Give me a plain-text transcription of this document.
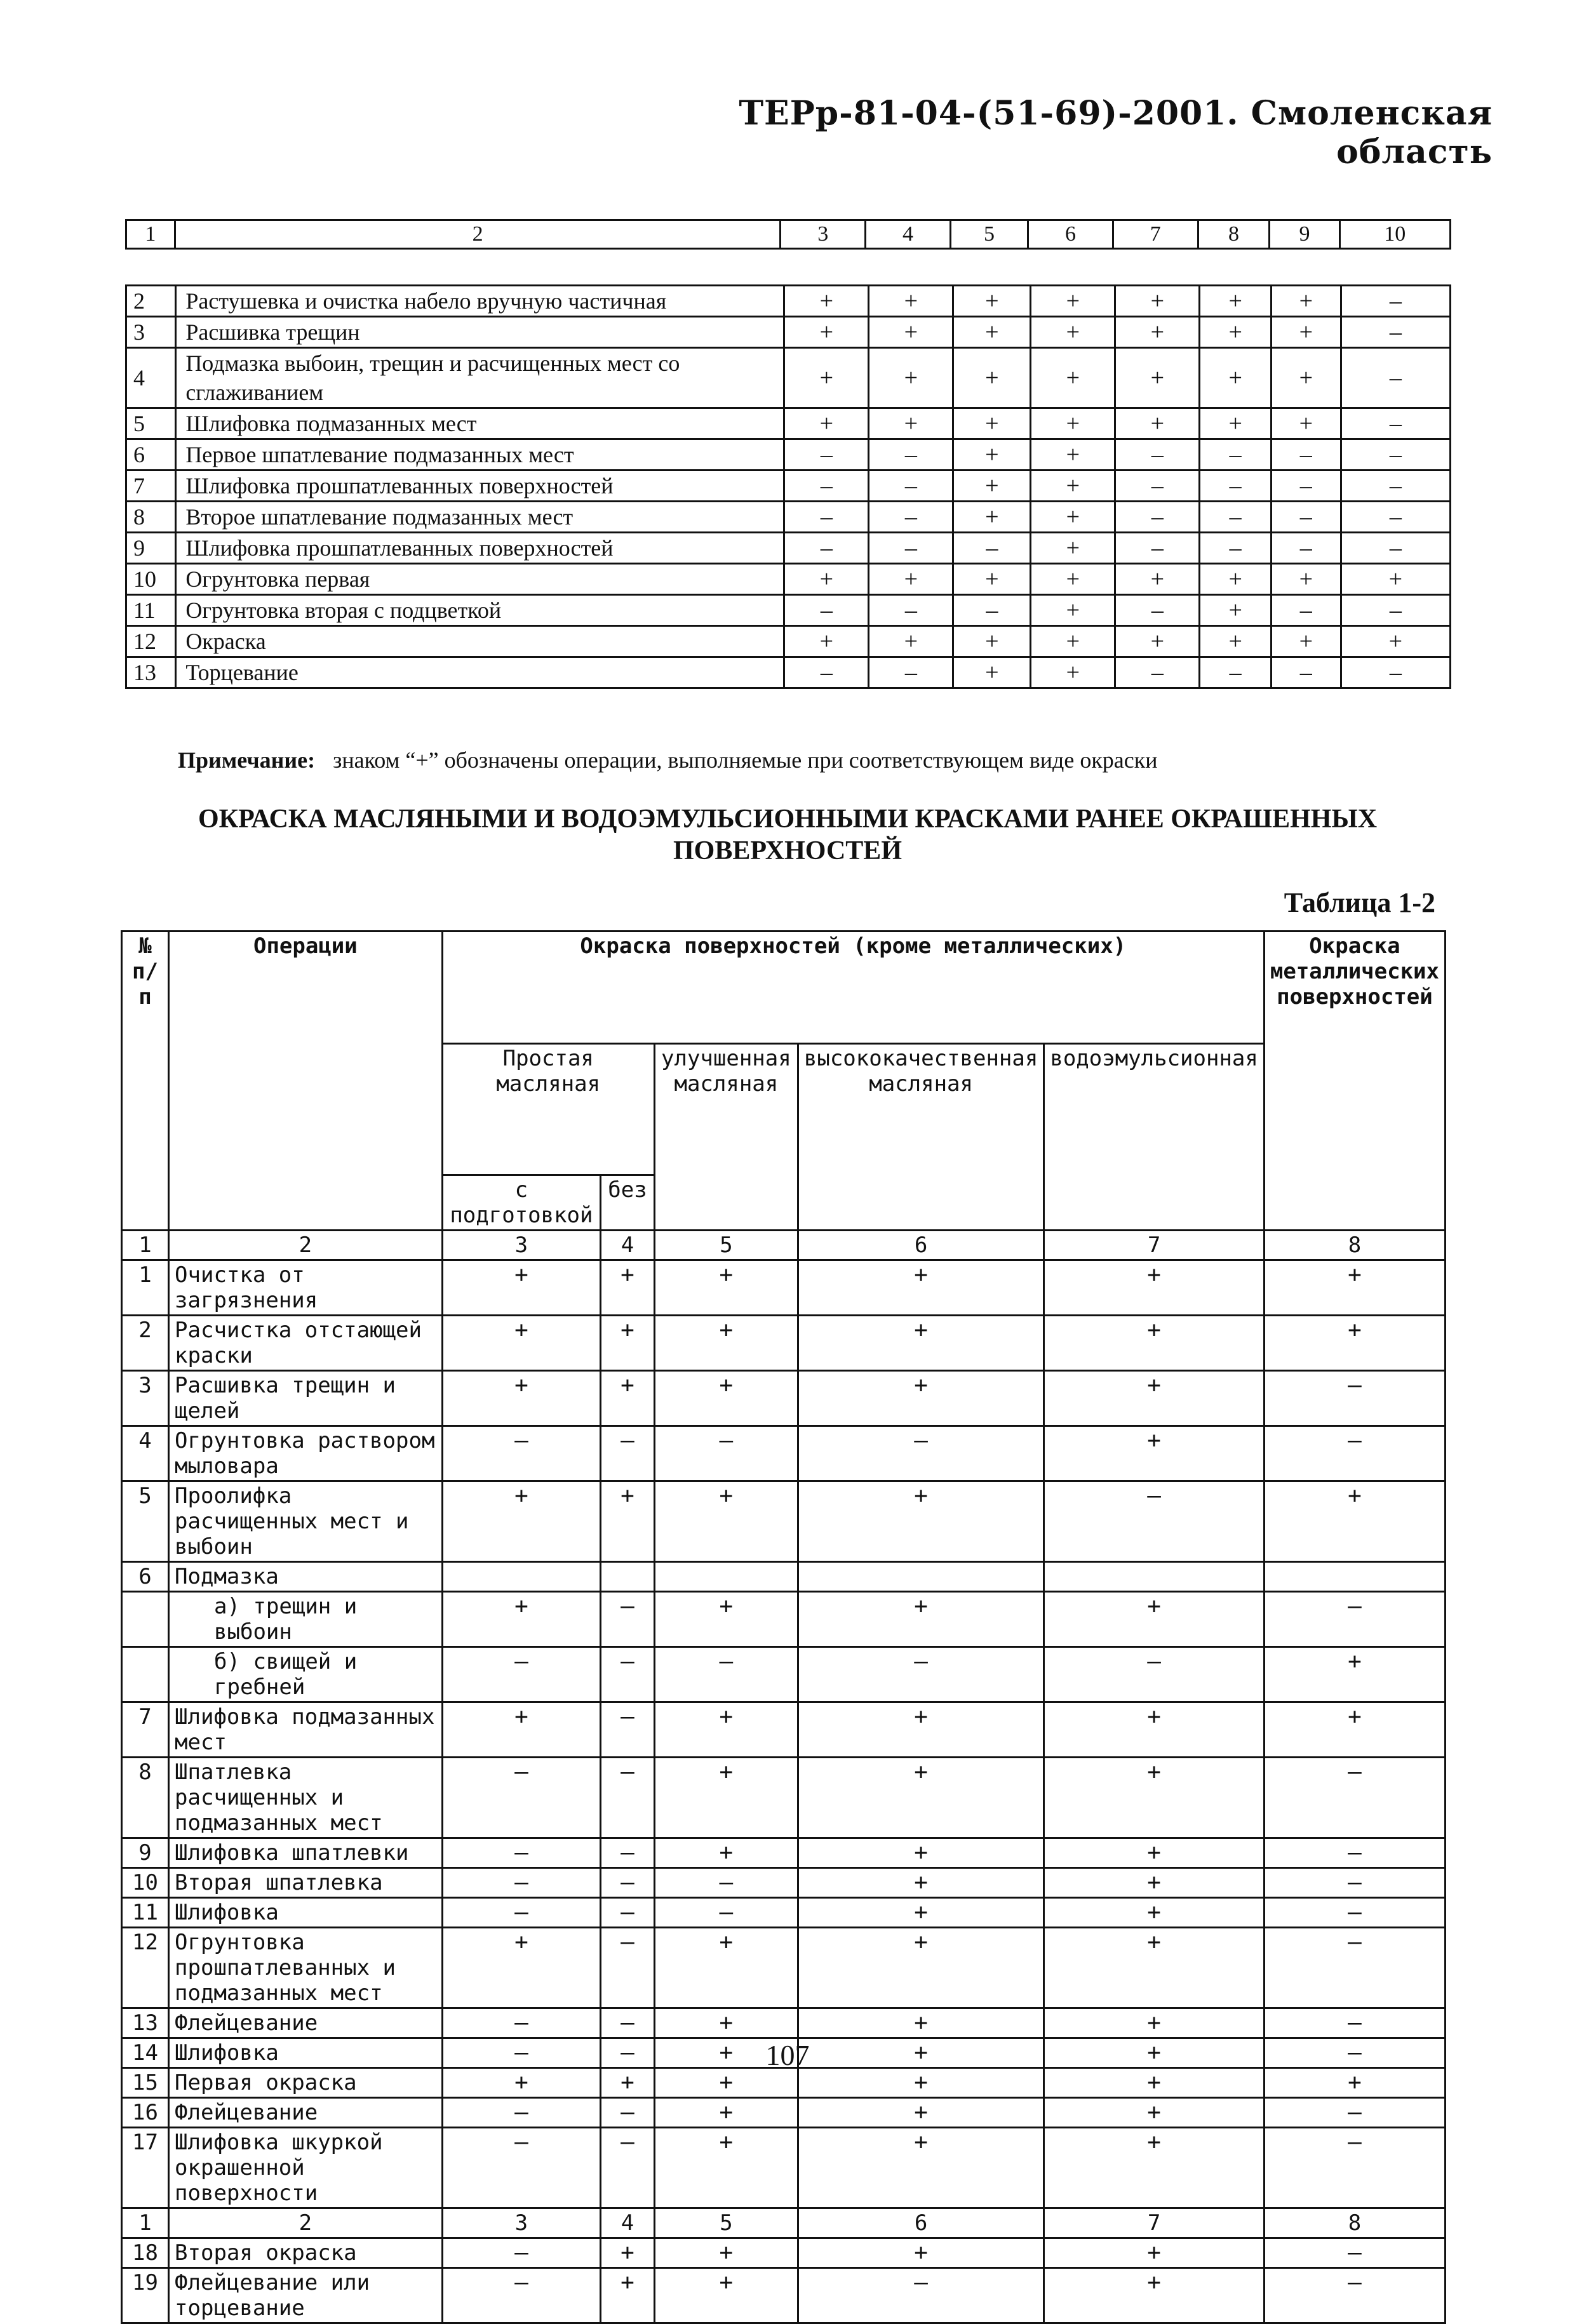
ТЕРр-81-04-(51-69)-2001. Смоленская область
1	2	3	4	5	6	7	8	9	10
2	Растушевка и очистка набело вручную частичная	+	+	+	+	+	+	+	–
3	Расшивка трещин	+	+	+	+	+	+	+	–
4	Подмазка выбоин, трещин и расчищенных мест со сглаживанием	+	+	+	+	+	+	+	–
5	Шлифовка подмазанных мест	+	+	+	+	+	+	+	–
6	Первое шпатлевание подмазанных мест	–	–	+	+	–	–	–	–
7	Шлифовка прошпатлеванных поверхностей	–	–	+	+	–	–	–	–
8	Второе шпатлевание подмазанных мест	–	–	+	+	–	–	–	–
9	Шлифовка прошпатлеванных поверхностей	–	–	–	+	–	–	–	–
10	Огрунтовка первая	+	+	+	+	+	+	+	+
11	Огрунтовка вторая с подцветкой	–	–	–	+	–	+	–	–
12	Окраска	+	+	+	+	+	+	+	+
13	Торцевание	–	–	+	+	–	–	–	–
Примечание: знаком “+” обозначены операции, выполняемые при соответствующем виде окраски
ОКРАСКА МАСЛЯНЫМИ И ВОДОЭМУЛЬСИОННЫМИ КРАСКАМИ РАНЕЕ ОКРАШЕННЫХ
ПОВЕРХНОСТЕЙ
Таблица 1-2
№ п/п	Операции	Окраска поверхностей (кроме металлических)					Окраска металлических поверхностей
		Простая масляная		улучшенная масляная	высококачественная масляная	водоэмульсионная	
		с подготовкой	без				
1	2	3	4	5	6	7	8
1	Очистка от загрязнения	+	+	+	+	+	+
2	Расчистка отстающей краски	+	+	+	+	+	+
3	Расшивка трещин и щелей	+	+	+	+	+	–
4	Огрунтовка раствором мыловара	–	–	–	–	+	–
5	Проолифка расчищенных мест и выбоин	+	+	+	+	–	+
6	Подмазка						
	а) трещин и выбоин	+	–	+	+	+	–
	б) свищей и гребней	–	–	–	–	–	+
7	Шлифовка подмазанных мест	+	–	+	+	+	+
8	Шпатлевка расчищенных и подмазанных мест	–	–	+	+	+	–
9	Шлифовка шпатлевки	–	–	+	+	+	–
10	Вторая шпатлевка	–	–	–	+	+	–
11	Шлифовка	–	–	–	+	+	–
12	Огрунтовка прошпатлеванных и подмазанных мест	+	–	+	+	+	–
13	Флейцевание	–	–	+	+	+	–
14	Шлифовка	–	–	+	+	+	–
15	Первая окраска	+	+	+	+	+	+
16	Флейцевание	–	–	+	+	+	–
17	Шлифовка шкуркой окрашенной поверхности	–	–	+	+	+	–
1	2	3	4	5	6	7	8
18	Вторая окраска	–	+	+	+	+	–
19	Флейцевание или торцевание	–	+	+	–	+	–
107
